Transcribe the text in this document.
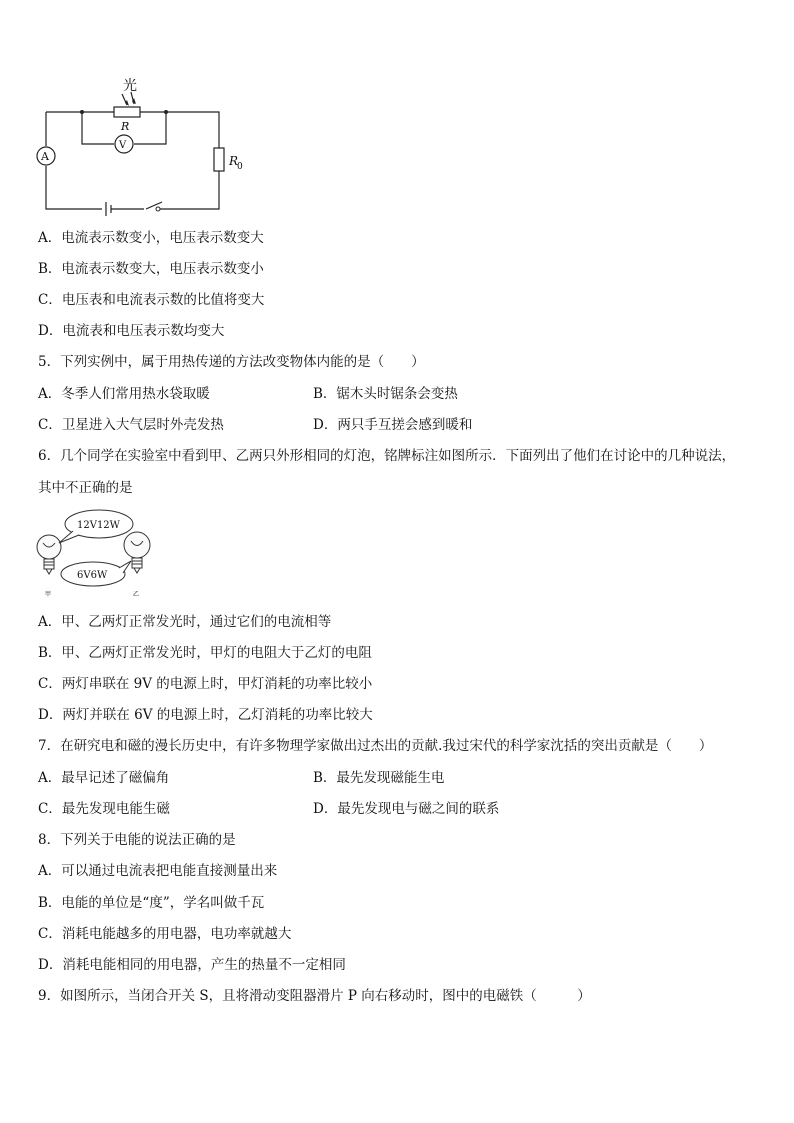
光
R
A
V
R
0
A．电流表示数变小，电压表示数变大
B．电流表示数变大，电压表示数变小
C．电压表和电流表示数的比值将变大
D．电流表和电压表示数均变大
5．下列实例中，属于用热传递的方法改变物体内能的是（　　）
A．冬季人们常用热水袋取暖	B．锯木头时锯条会变热
C．卫星进入大气层时外壳发热	D．两只手互搓会感到暖和
6．几个同学在实验室中看到甲、乙两只外形相同的灯泡，铭牌标注如图所示．下面列出了他们在讨论中的几种说法，
其中不正确的是
12V12W
6V6W
甲	乙
A．甲、乙两灯正常发光时，通过它们的电流相等
B．甲、乙两灯正常发光时，甲灯的电阻大于乙灯的电阻
C．两灯串联在 9V 的电源上时，甲灯消耗的功率比较小
D．两灯并联在 6V 的电源上时，乙灯消耗的功率比较大
7．在研究电和磁的漫长历史中，有许多物理学家做出过杰出的贡献.我过宋代的科学家沈括的突出贡献是（　　）
A．最早记述了磁偏角	B．最先发现磁能生电
C．最先发现电能生磁	D．最先发现电与磁之间的联系
8．下列关于电能的说法正确的是
A．可以通过电流表把电能直接测量出来
B．电能的单位是“度”，学名叫做千瓦
C．消耗电能越多的用电器，电功率就越大
D．消耗电能相同的用电器，产生的热量不一定相同
9．如图所示，当闭合开关 S，且将滑动变阻器滑片 P 向右移动时，图中的电磁铁（　　　）
